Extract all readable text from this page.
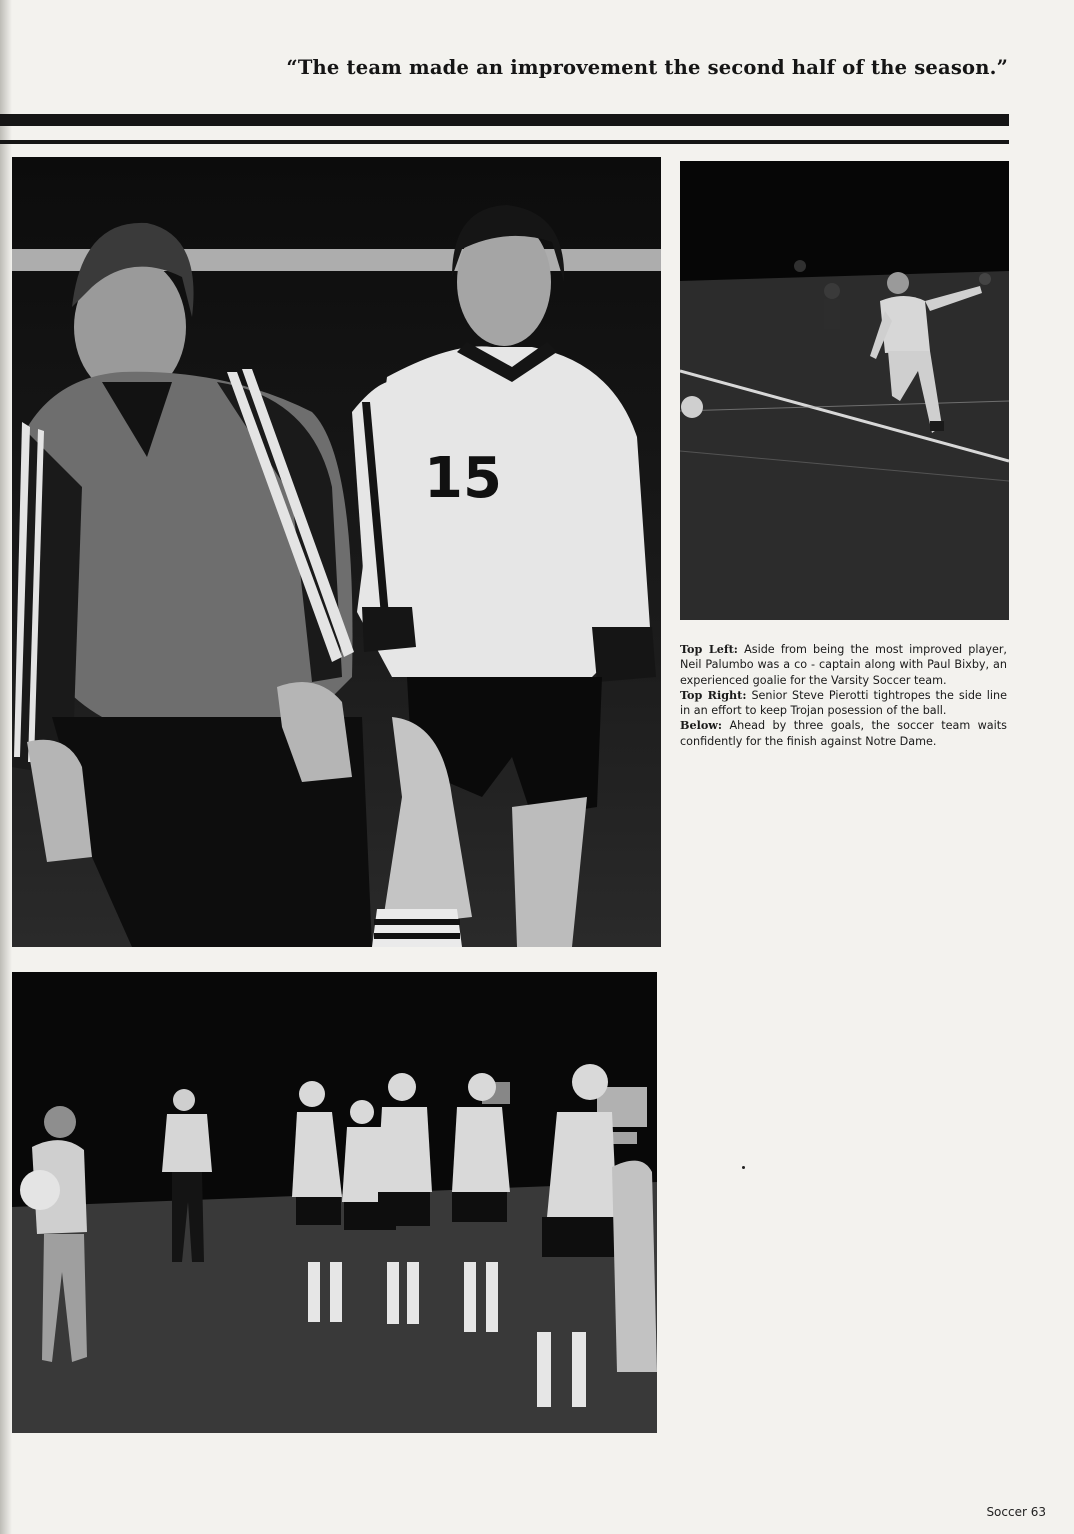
“The team made an improvement the second half of the season.”
15

Top Left: Aside from being the most improved player, Neil Palumbo was a co - captain along with Paul Bixby, an experienced goalie for the Varsity Soccer team.

Top Right: Senior Steve Pierotti tightropes the side line in an effort to keep Trojan posession of the ball.

Below: Ahead by three goals, the soccer team waits confidently for the finish against Notre Dame.

Soccer 63
